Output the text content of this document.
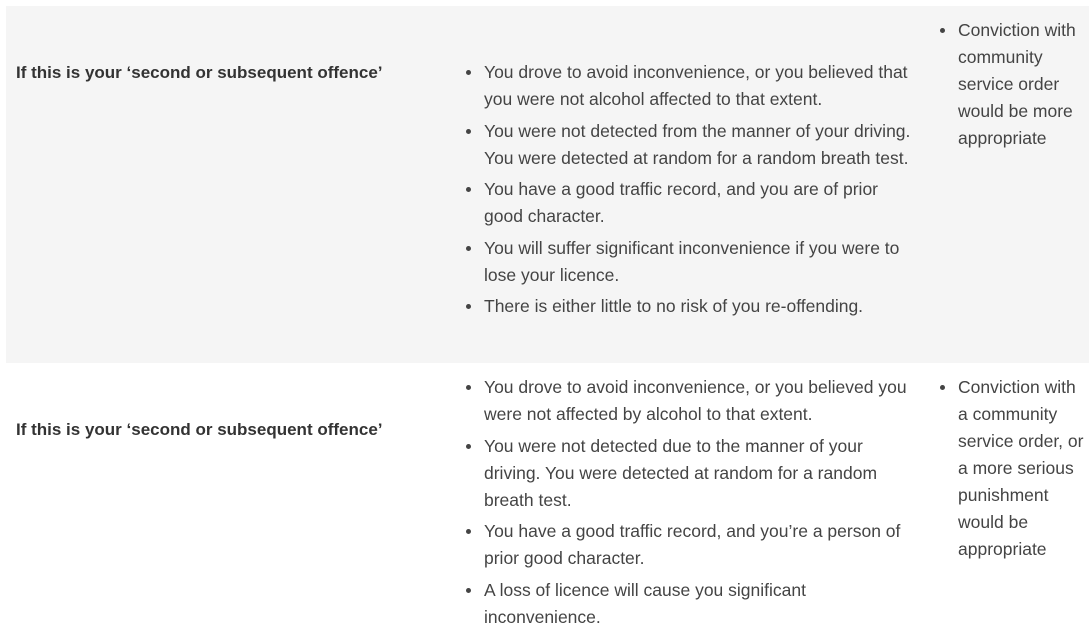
If this is your ‘second or subsequent offence’	You drove to avoid inconvenience, or you believed that you were not alcohol affected to that extent.
You were not detected from the manner of your driving. You were detected at random for a random breath test.
You have a good traffic record, and you are of prior good character.
You will suffer significant inconvenience if you were to lose your licence.
There is either little to no risk of you re-offending.
Conviction with community service order would be more appropriate
If this is your ‘second or subsequent offence’
You drove to avoid inconvenience, or you believed you were not affected by alcohol to that extent.
You were not detected due to the manner of your driving. You were detected at random for a random breath test.
You have a good traffic record, and you’re a person of prior good character.
A loss of licence will cause you significant inconvenience.
Conviction with a community service order, or a more serious punishment would be appropriate
